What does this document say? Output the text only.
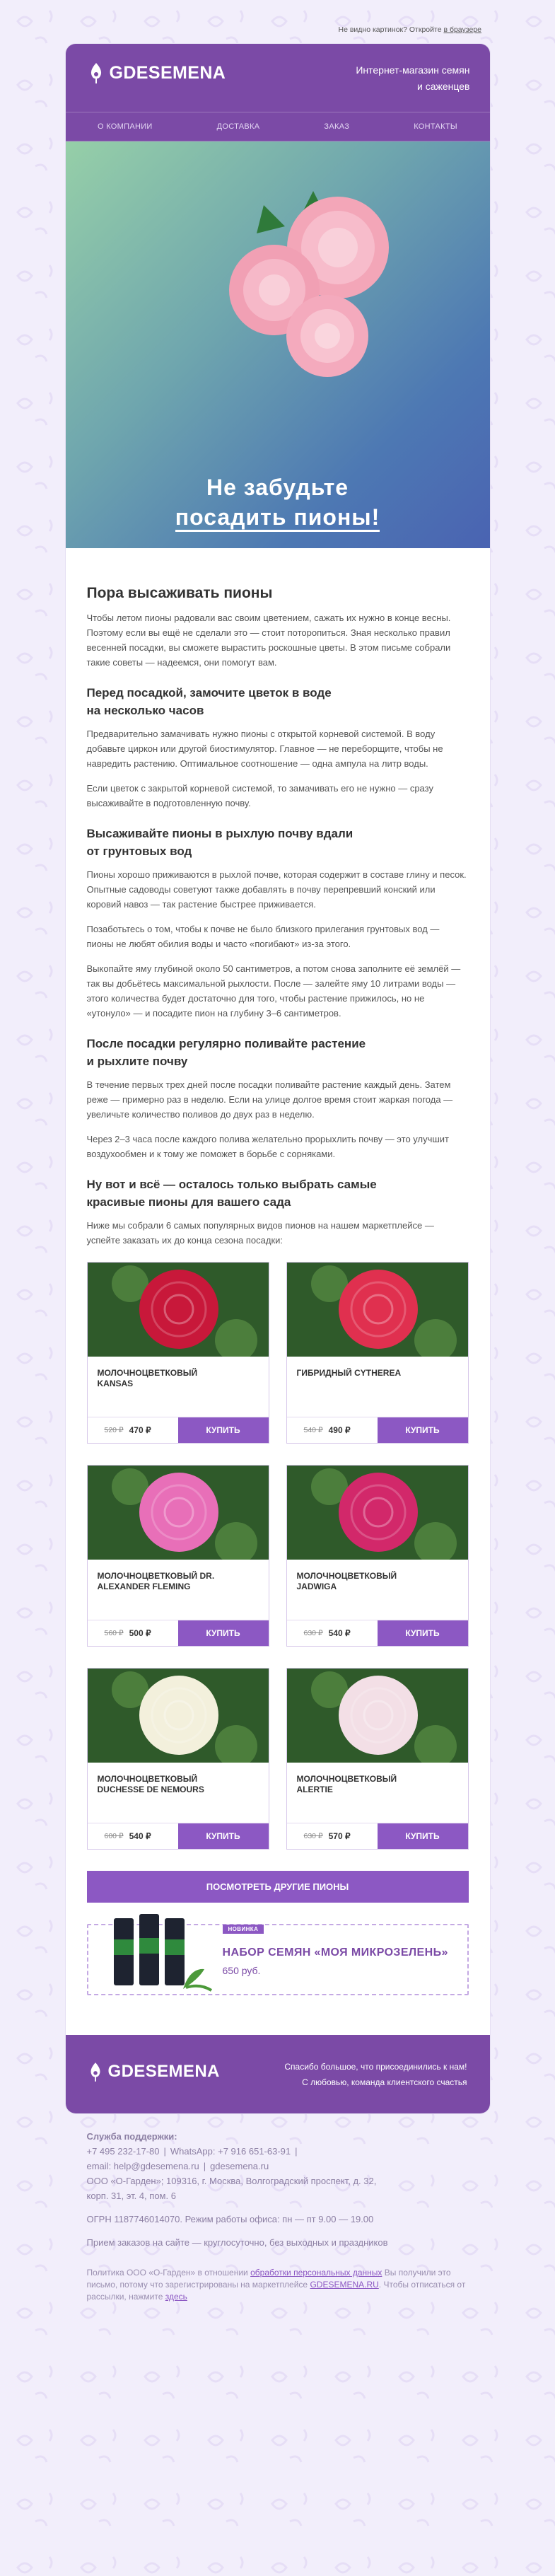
Не видно картинок? Откройте в браузере
GDESEMENA	Интернет-магазин семян
и саженцев
О КОМПАНИИ	ДОСТАВКА	ЗАКАЗ	КОНТАКТЫ
Не забудьте
посадить пионы!
Пора высаживать пионы

Чтобы летом пионы радовали вас своим цветением, сажать их нужно в конце весны. Поэтому если вы ещё не сделали это — стоит поторопиться. Зная несколько правил весенней посадки, вы сможете вырастить роскошные цветы. В этом письме собрали такие советы — надеемся, они помогут вам.

Перед посадкой, замочите цветок в воде
на несколько часов

Предварительно замачивать нужно пионы с открытой корневой системой. В воду добавьте циркон или другой биостимулятор. Главное — не переборщите, чтобы не навредить растению. Оптимальное соотношение — одна ампула на литр воды.

Если цветок с закрытой корневой системой, то замачивать его не нужно — сразу высаживайте в подготовленную почву.

Высаживайте пионы в рыхлую почву вдали
от грунтовых вод

Пионы хорошо приживаются в рыхлой почве, которая содержит в составе глину и песок. Опытные садоводы советуют также добавлять в почву перепревший конский или коровий навоз — так растение быстрее приживается.

Позаботьтесь о том, чтобы к почве не было близкого прилегания грунтовых вод — пионы не любят обилия воды и часто «погибают» из-за этого.

Выкопайте яму глубиной около 50 сантиметров, а потом снова заполните её землёй — так вы добьётесь максимальной рыхлости. После — залейте яму 10 литрами воды — этого количества будет достаточно для того, чтобы растение прижилось, но не «утонуло» — и посадите пион на глубину 3–6 сантиметров.

После посадки регулярно поливайте растение
и рыхлите почву

В течение первых трех дней после посадки поливайте растение каждый день. Затем реже — примерно раз в неделю. Если на улице долгое время стоит жаркая погода — увеличьте количество поливов до двух раз в неделю.

Через 2–3 часа после каждого полива желательно прорыхлить почву — это улучшит воздухообмен и к тому же поможет в борьбе с сорняками.

Ну вот и всё — осталось только выбрать самые
красивые пионы для вашего сада

Ниже мы собрали 6 самых популярных видов пионов на нашем маркетплейсе — успейте заказать их до конца сезона посадки:

МОЛОЧНОЦВЕТКОВЫЙ
KANSAS
520 ₽ 470 ₽	КУПИТЬ
ГИБРИДНЫЙ CYTHEREA
540 ₽ 490 ₽	КУПИТЬ
МОЛОЧНОЦВЕТКОВЫЙ DR.
ALEXANDER FLEMING
560 ₽ 500 ₽	КУПИТЬ
МОЛОЧНОЦВЕТКОВЫЙ
JADWIGA
630 ₽ 540 ₽	КУПИТЬ
МОЛОЧНОЦВЕТКОВЫЙ
DUCHESSE DE NEMOURS
600 ₽ 540 ₽	КУПИТЬ
МОЛОЧНОЦВЕТКОВЫЙ
ALERTIE
630 ₽ 570 ₽	КУПИТЬ
ПОСМОТРЕТЬ ДРУГИЕ ПИОНЫ
НОВИНКА
НАБОР СЕМЯН «МОЯ МИКРОЗЕЛЕНЬ»
650 руб.
GDESEMENA	Спасибо большое, что присоединились к нам!
С любовью, команда клиентского счастья
Служба поддержки:
+7 495 232-17-80 | WhatsApp: +7 916 651-63-91 |
email: help@gdesemena.ru | gdesemena.ru
ООО «О-Гарден»; 109316, г. Москва, Волгоградский проспект, д. 32,
корп. 31, эт. 4, пом. 6
ОГРН 1187746014070. Режим работы офиса: пн — пт 9.00 — 19.00
Прием заказов на сайте — круглосуточно, без выходных и праздников
Политика ООО «О-Гарден» в отношении обработки персональных данных Вы получили это письмо, потому что зарегистрированы на маркетплейсе GDESEMENA.RU. Чтобы отписаться от рассылки, нажмите здесь
